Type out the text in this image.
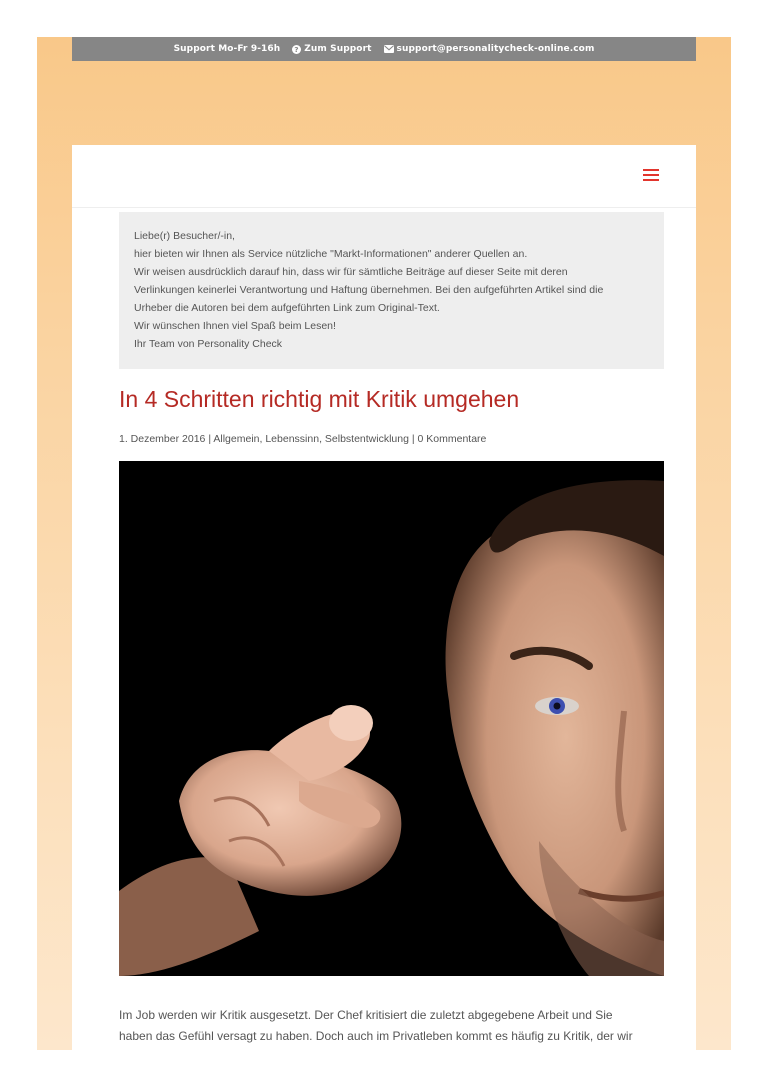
Support Mo-Fr 9-16h ? Zum Support	support@personalitycheck-online.com
Liebe(r) Besucher/-in,
hier bieten wir Ihnen als Service nützliche "Markt-Informationen" anderer Quellen an.
Wir weisen ausdrücklich darauf hin, dass wir für sämtliche Beiträge auf dieser Seite mit deren
Verlinkungen keinerlei Verantwortung und Haftung übernehmen. Bei den aufgeführten Artikel sind die
Urheber die Autoren bei dem aufgeführten Link zum Original-Text.
Wir wünschen Ihnen viel Spaß beim Lesen!
Ihr Team von Personality Check
In 4 Schritten richtig mit Kritik umgehen
1. Dezember 2016 | Allgemein, Lebenssinn, Selbstentwicklung | 0 Kommentare
Im Job werden wir Kritik ausgesetzt. Der Chef kritisiert die zuletzt abgegebene Arbeit und Sie
haben das Gefühl versagt zu haben. Doch auch im Privatleben kommt es häufig zu Kritik, der wir
